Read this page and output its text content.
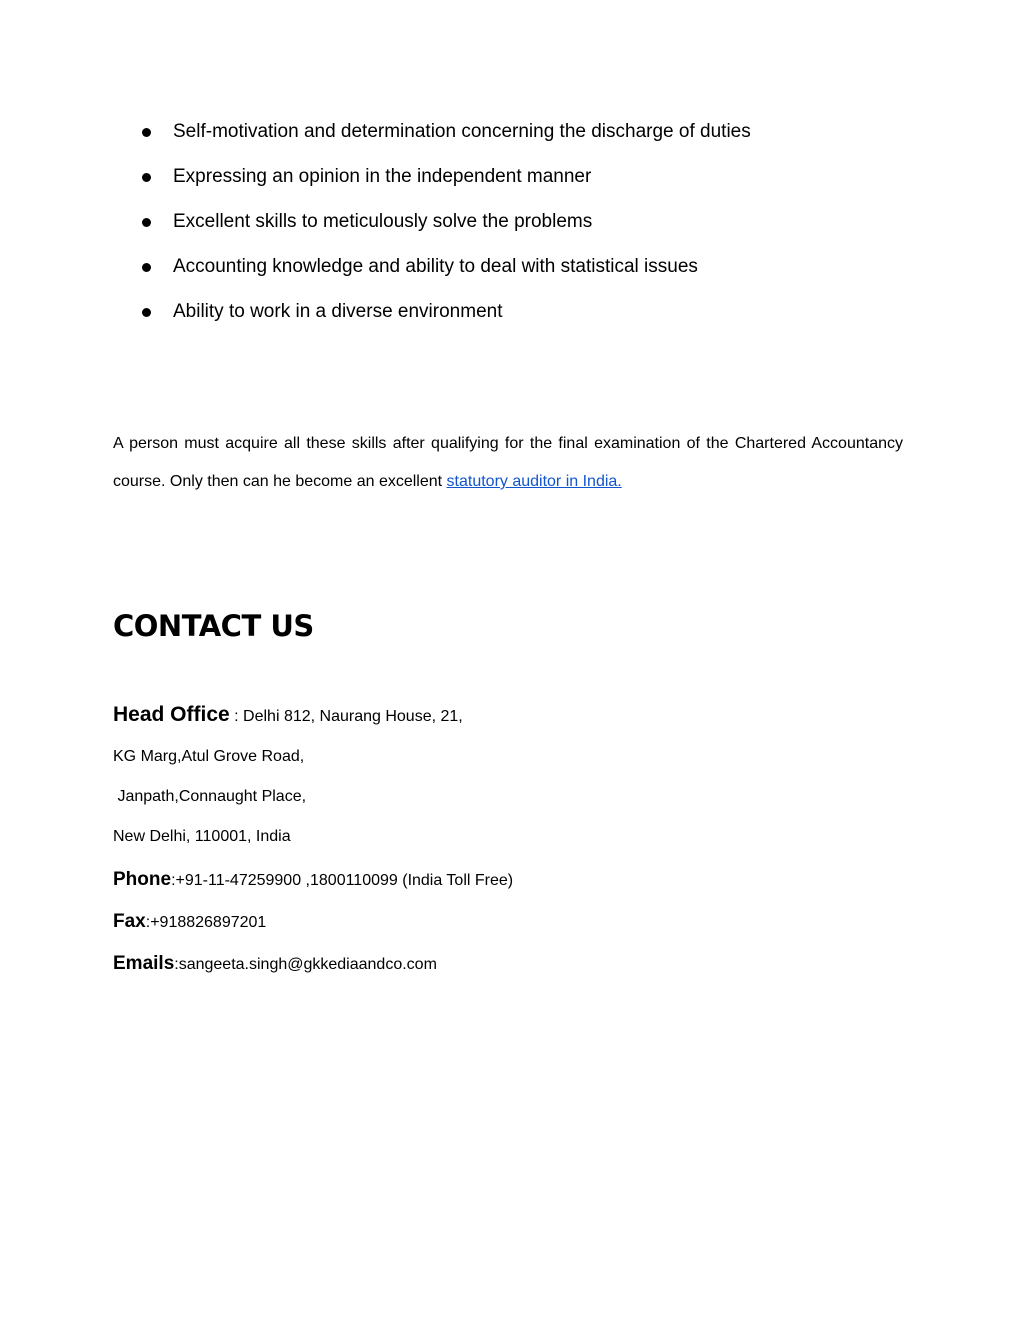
Self-motivation and determination concerning the discharge of duties
Expressing an opinion in the independent manner
Excellent skills to meticulously solve the problems
Accounting knowledge and ability to deal with statistical issues
Ability to work in a diverse environment

A person must acquire all these skills after qualifying for the final examination of the Chartered Accountancy course. Only then can he become an excellent statutory auditor in India.

CONTACT US
Head Office : Delhi 812, Naurang House, 21,
KG Marg,Atul Grove Road,
Janpath,Connaught Place,
New Delhi, 110001, India
Phone:+91-11-47259900 ,1800110099 (India Toll Free)
Fax:+918826897201
Emails:sangeeta.singh@gkkediaandco.com
